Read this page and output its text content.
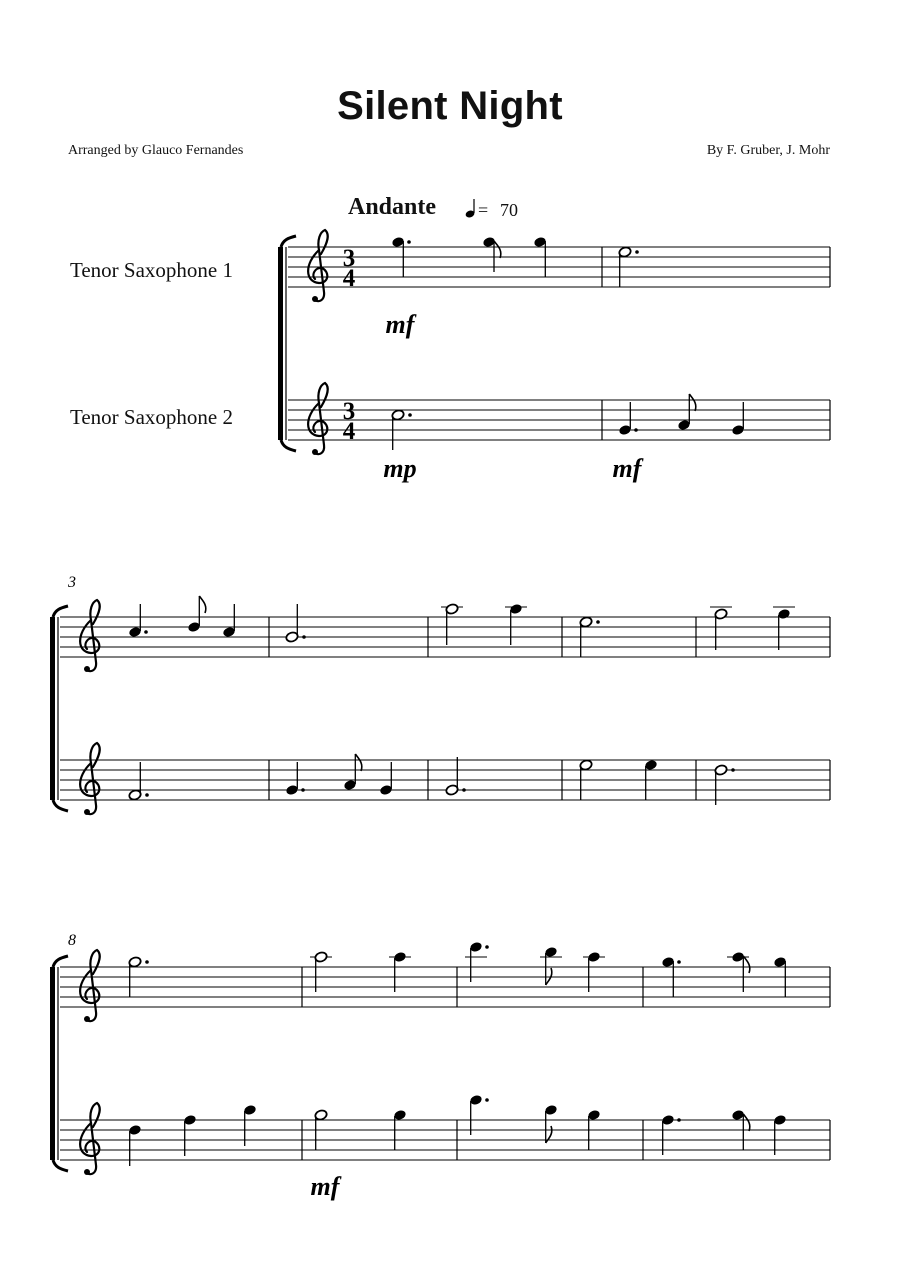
Silent Night
Arranged by Glauco Fernandes	By F. Gruber, J. Mohr
Andante = 70
Tenor Saxophone 1
Tenor Saxophone 2
3
4
3
4
mf
mp	mf
3
8
mf
